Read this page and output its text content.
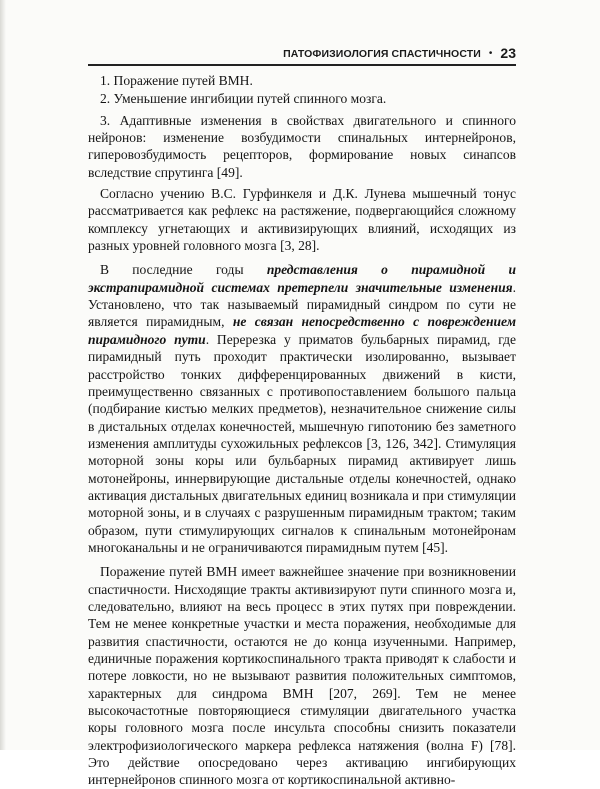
ПАТОФИЗИОЛОГИЯ СПАСТИЧНОСТИ • 23

1. Поражение путей ВМН.

2. Уменьшение ингибиции путей спинного мозга.

3. Адаптивные изменения в свойствах двигательного и спинного нейронов: изменение возбудимости спинальных интернейронов, гиперовозбудимость рецепторов, формирование новых синапсов вследствие спрутинга [49].

Согласно учению В.С. Гурфинкеля и Д.К. Лунева мышечный тонус рассматривается как рефлекс на растяжение, подвергающийся сложному комплексу угнетающих и активизирующих влияний, исходящих из разных уровней головного мозга [3, 28].

В последние годы представления о пирамидной и экстрапирамидной системах претерпели значительные изменения. Установлено, что так называемый пирамидный синдром по сути не является пирамидным, не связан непосредственно с повреждением пирамидного пути. Перерезка у приматов бульбарных пирамид, где пирамидный путь проходит практически изолированно, вызывает расстройство тонких дифференцированных движений в кисти, преимущественно связанных с противопоставлением большого пальца (подбирание кистью мелких предметов), незначительное снижение силы в дистальных отделах конечностей, мышечную гипотонию без заметного изменения амплитуды сухожильных рефлексов [3, 126, 342]. Стимуляция моторной зоны коры или бульбарных пирамид активирует лишь мотонейроны, иннервирующие дистальные отделы конечностей, однако активация дистальных двигательных единиц возникала и при стимуляции моторной зоны, и в случаях с разрушенным пирамидным трактом; таким образом, пути стимулирующих сигналов к спинальным мотонейронам многоканальны и не ограничиваются пирамидным путем [45].

Поражение путей ВМН имеет важнейшее значение при возникновении спастичности. Нисходящие тракты активизируют пути спинного мозга и, следовательно, влияют на весь процесс в этих путях при повреждении. Тем не менее конкретные участки и места поражения, необходимые для развития спастичности, остаются не до конца изученными. Например, единичные поражения кортикоспинального тракта приводят к слабости и потере ловкости, но не вызывают развития положительных симптомов, характерных для синдрома ВМН [207, 269]. Тем не менее высокочастотные повторяющиеся стимуляции двигательного участка коры головного мозга после инсульта способны снизить показатели электрофизиологического маркера рефлекса натяжения (волна F) [78]. Это действие опосредовано через активацию ингибирующих интернейронов спинного мозга от кортикоспинальной активно-
